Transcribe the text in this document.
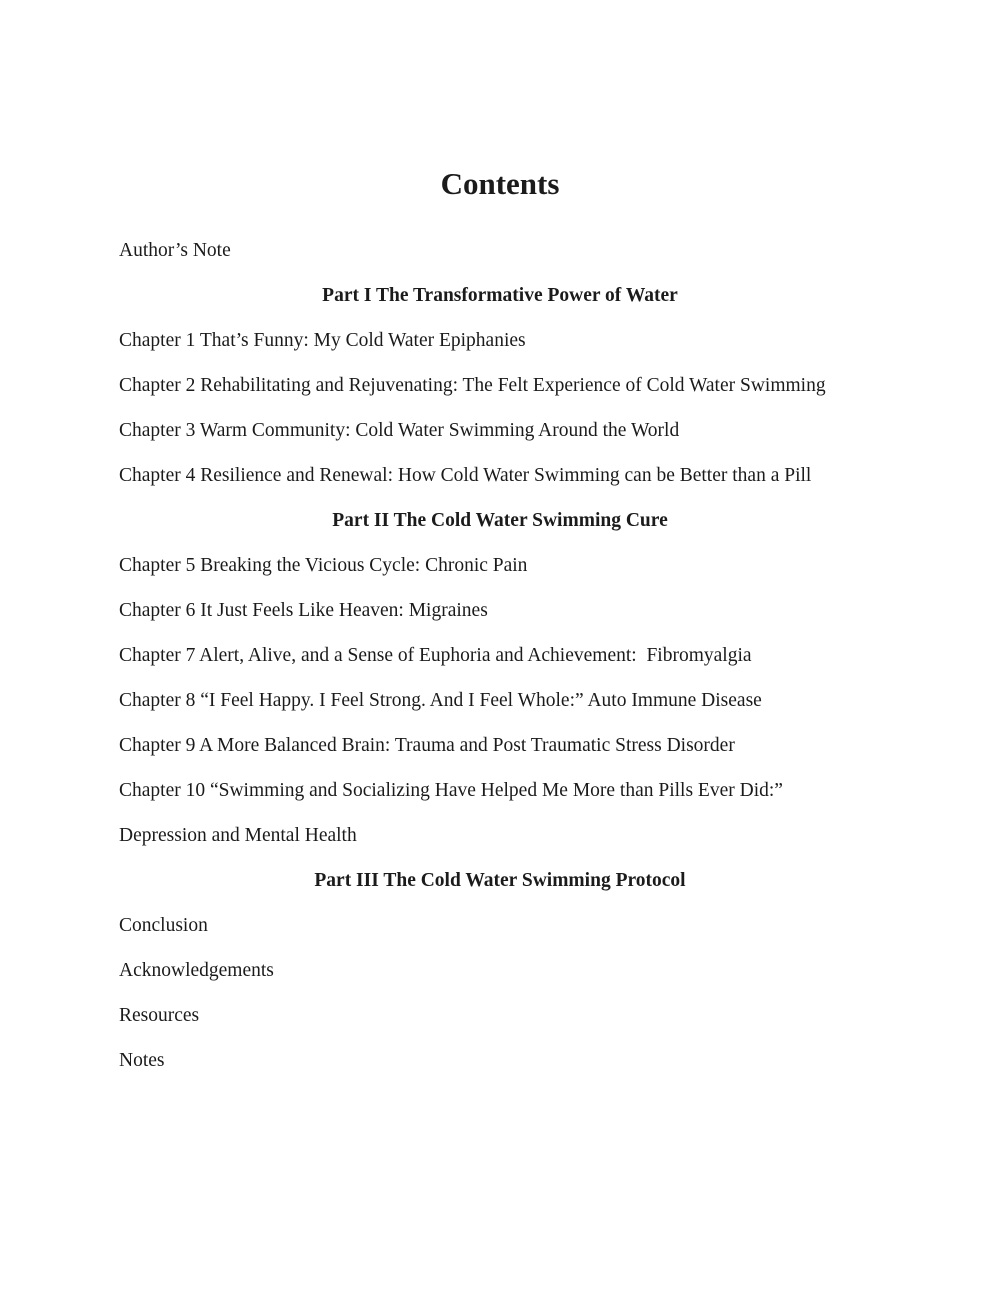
Contents
Author’s Note
Part I The Transformative Power of Water
Chapter 1 That’s Funny: My Cold Water Epiphanies
Chapter 2 Rehabilitating and Rejuvenating: The Felt Experience of Cold Water Swimming
Chapter 3 Warm Community: Cold Water Swimming Around the World
Chapter 4 Resilience and Renewal: How Cold Water Swimming can be Better than a Pill
Part II The Cold Water Swimming Cure
Chapter 5 Breaking the Vicious Cycle: Chronic Pain
Chapter 6 It Just Feels Like Heaven: Migraines
Chapter 7 Alert, Alive, and a Sense of Euphoria and Achievement:  Fibromyalgia
Chapter 8 “I Feel Happy. I Feel Strong. And I Feel Whole:” Auto Immune Disease
Chapter 9 A More Balanced Brain: Trauma and Post Traumatic Stress Disorder
Chapter 10 “Swimming and Socializing Have Helped Me More than Pills Ever Did:”
Depression and Mental Health
Part III The Cold Water Swimming Protocol
Conclusion
Acknowledgements
Resources
Notes
